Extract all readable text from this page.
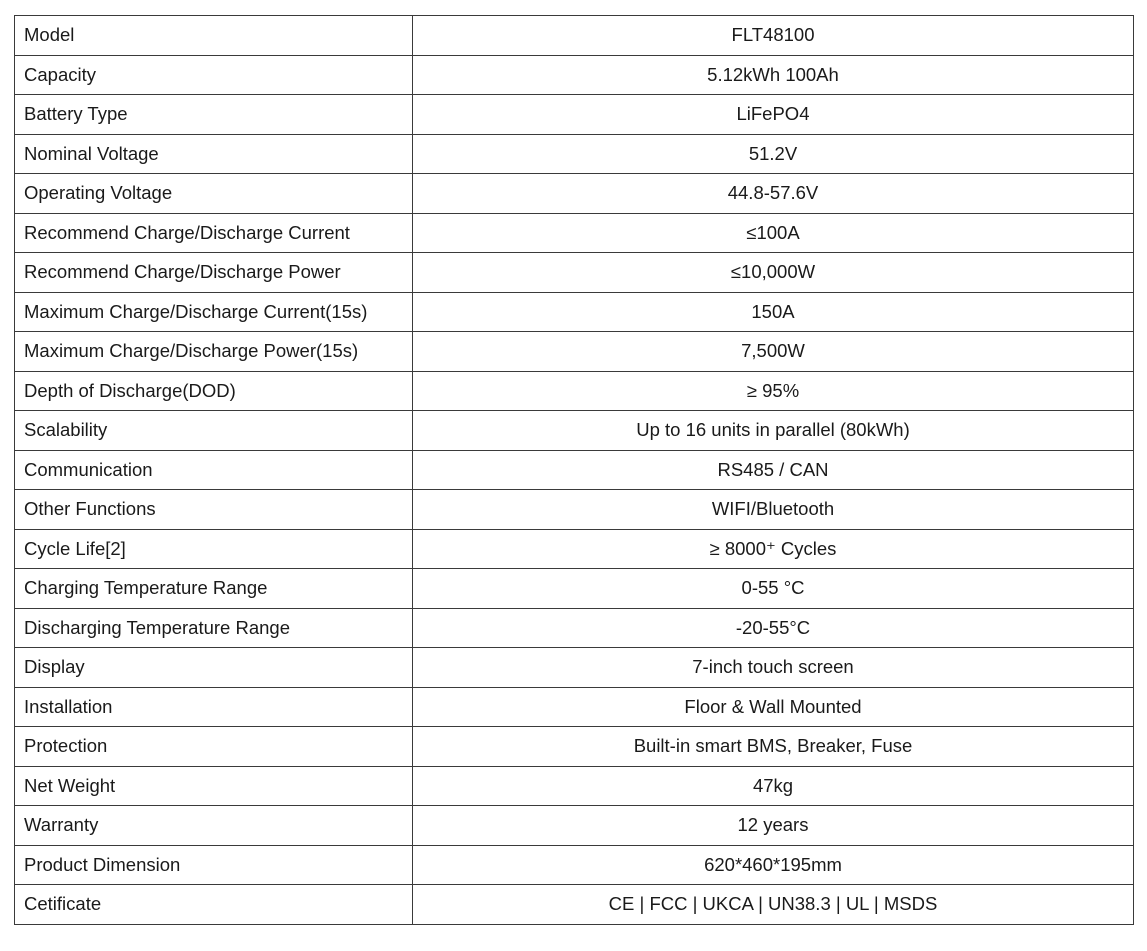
Model	FLT48100
Capacity	5.12kWh 100Ah
Battery Type	LiFePO4
Nominal Voltage	51.2V
Operating Voltage	44.8-57.6V
Recommend Charge/Discharge Current	≤100A
Recommend Charge/Discharge Power	≤10,000W
Maximum Charge/Discharge Current(15s)	150A
Maximum Charge/Discharge Power(15s)	7,500W
Depth of Discharge(DOD)	≥ 95%
Scalability	Up to 16 units in parallel (80kWh)
Communication	RS485 / CAN
Other Functions	WIFI/Bluetooth
Cycle Life[2]	≥ 8000⁺ Cycles
Charging Temperature Range	0-55 °C
Discharging Temperature Range	-20-55°C
Display	7-inch touch screen
Installation	Floor & Wall Mounted
Protection	Built-in smart BMS, Breaker, Fuse
Net Weight	47kg
Warranty	12 years
Product Dimension	620*460*195mm
Cetificate	CE | FCC | UKCA | UN38.3 | UL | MSDS
